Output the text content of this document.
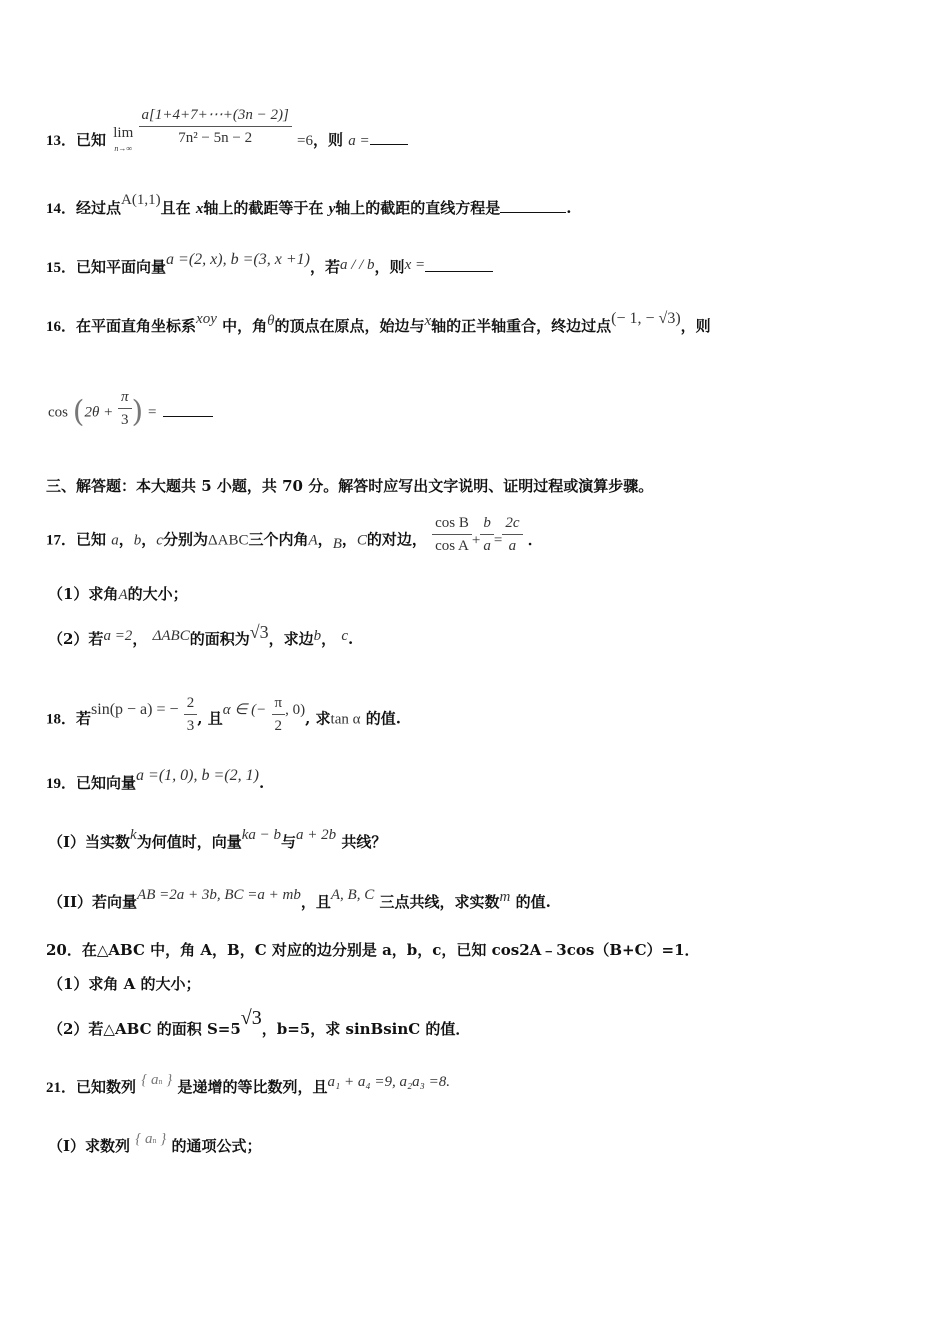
13．已知 lim
$n\to\infty \frac{a[1+4+7+\cdots+(3n - 2)]}{\text{7n² − 5n − 2}} =6$，则 a =
14．经过点A(1,1)且在 x轴上的截距等于在 y轴上的截距的直线方程是	.
15．已知平面向量a =(2, x), b =(3, x +1)，若a / / b，则x =
16．在平面直角坐标系xoy 中，角θ的顶点在原点，始边与x轴的正半轴重合，终边过点(− 1, − √3)，则
$\cos (2\theta + \frac{\pi}{3}$ ) =
三、解答题：本大题共 5 小题，共 70 分。解答时应写出文字说明、证明过程或演算步骤。
17．已知 a，b，c分别为ΔABC三个内角A，B，C的对边， $\frac{\text{cos B}}{\text{cos A}} + \frac{b}{a} = \frac{2c}{a}$ ．
（1）求角A的大小；
（2）若a =2， ΔABC的面积为√3，求边b， c.
18．若sin(p − a) = − $\frac{2}{3}$ , 且α ∈ (− $\frac{\pi}{2}$ , 0), 求tan α 的值.
19．已知向量a =(1, 0), b =(2, 1).
（I）当实数k为何值时，向量ka − b与a + 2b 共线？
（II）若向量AB =2a + 3b, BC =a + mb，且A, B, C 三点共线，求实数m 的值.
20．在△ABC 中，角 A，B，C 对应的边分别是 a，b，c，已知 cos2A﹣3cos（B+C）=1．
（1）求角 A 的大小；
（2）若△ABC 的面积 S=5√3，b=5，求 sinBsinC 的值．
21．已知数列 { an } 是递增的等比数列，且a₁ + a₄ =9, a₂a₃ =8.
（Ⅰ）求数列 { an } 的通项公式；
